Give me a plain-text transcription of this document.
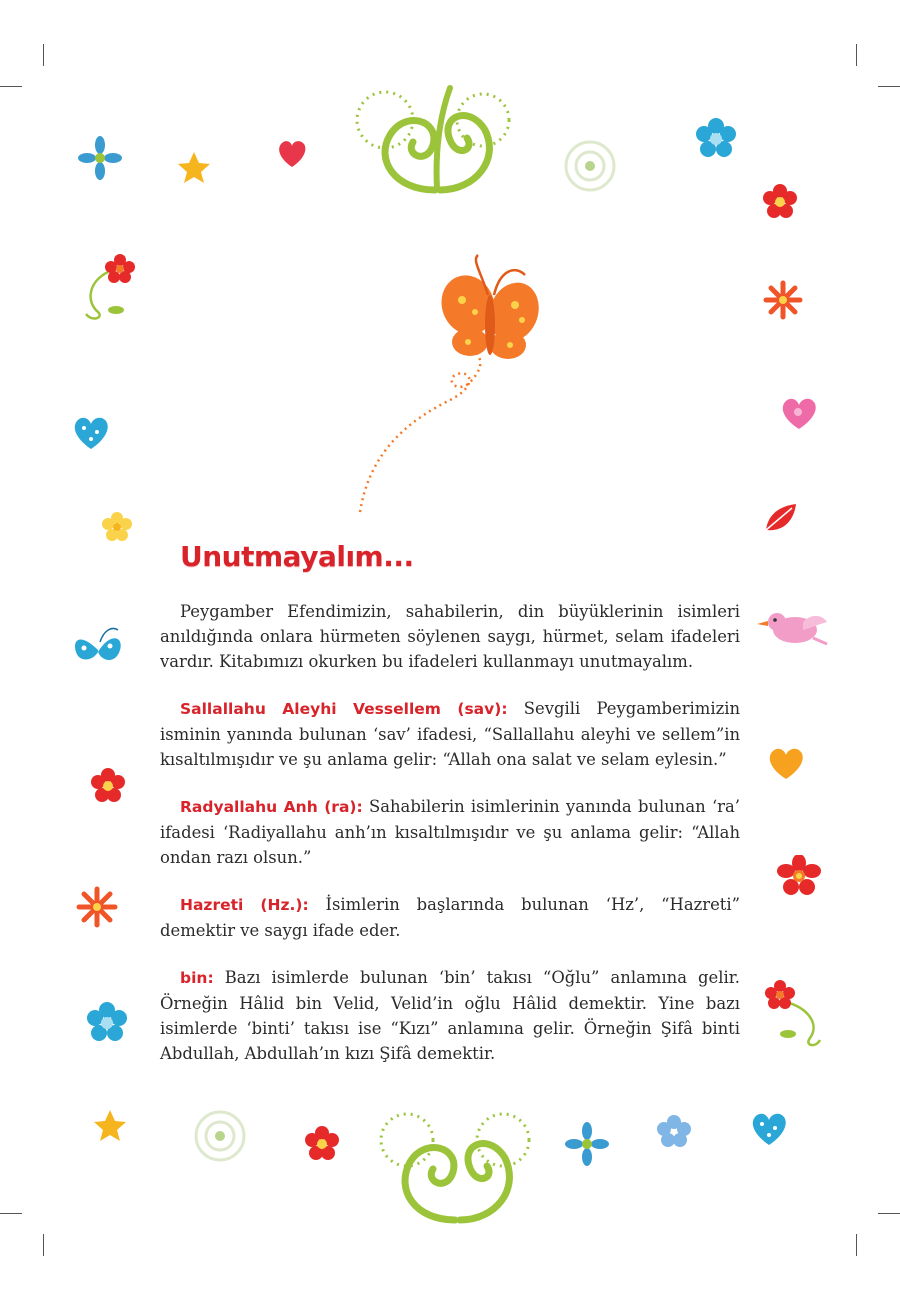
Unutmayalım...

Peygamber Efendimizin, sahabilerin, din büyüklerinin isimleri anıldığında onlara hürmeten söylenen saygı, hürmet, selam ifadeleri vardır. Kitabımızı okurken bu ifadeleri kullanmayı unutmayalım.

Sallallahu Aleyhi Vessellem (sav): Sevgili Peygamberimizin isminin yanında bulunan ‘sav’ ifadesi, “Sallallahu aleyhi ve sellem”in kısaltılmışıdır ve şu anlama gelir: “Allah ona salat ve selam eylesin.”

Radyallahu Anh (ra): Sahabilerin isimlerinin yanında bulunan ‘ra’ ifadesi ‘Radiyallahu anh’ın kısaltılmışıdır ve şu anlama gelir: “Allah ondan razı olsun.”

Hazreti (Hz.): İsimlerin başlarında bulunan ‘Hz’, “Hazreti” demektir ve saygı ifade eder.

bin: Bazı isimlerde bulunan ‘bin’ takısı “Oğlu” anlamına gelir. Örneğin Hâlid bin Velid, Velid’in oğlu Hâlid demektir. Yine bazı isimlerde ‘binti’ takısı ise “Kızı” anlamına gelir. Örneğin Şifâ binti Abdullah, Abdullah’ın kızı Şifâ demektir.
